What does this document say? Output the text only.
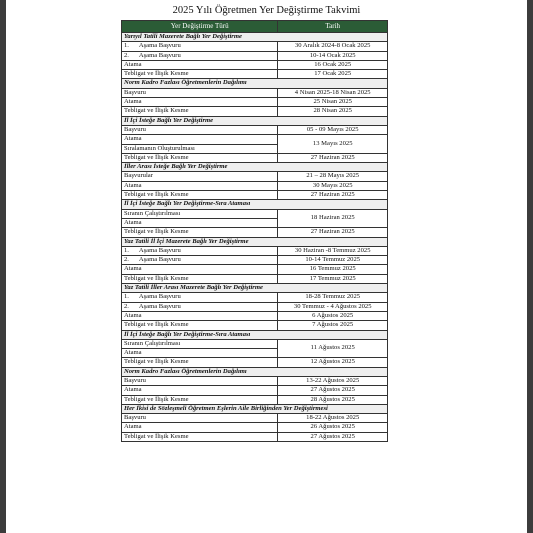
2025 Yılı Öğretmen Yer Değiştirme Takvimi
Yer Değiştirme Türü	Tarih
Yarıyıl Tatili Mazerete Bağlı Yer Değiştirme	
1.      Aşama Başvuru	30 Aralık 2024-8 Ocak 2025
2.      Aşama Başvuru	10-14 Ocak 2025
Atama	16 Ocak 2025
Tebligat ve İlişik Kesme	17 Ocak 2025
Norm Kadro Fazlası Öğretmenlerin Dağılımı	
Başvuru	4 Nisan 2025-18 Nisan 2025
Atama	25 Nisan 2025
Tebligat ve İlişik Kesme	28 Nisan 2025
İl İçi İsteğe Bağlı Yer Değiştirme	
Başvuru	05 - 09 Mayıs 2025
Atama	13 Mayıs 2025
Sıralamanın Oluşturulması	
Tebligat ve İlişik Kesme	27 Haziran 2025
İller Arası İsteğe Bağlı Yer Değiştirme	
Başvurular	21 – 28 Mayıs 2025
Atama	30 Mayıs 2025
Tebligat ve İlişik Kesme	27 Haziran 2025
İl İçi İsteğe Bağlı Yer Değiştirme-Sıra Ataması	
Sıranın Çalıştırılması	18 Haziran 2025
Atama	
Tebligat ve İlişik Kesme	27 Haziran 2025
Yaz Tatili İl İçi Mazerete Bağlı Yer Değiştirme	
1.      Aşama Başvuru	30 Haziran -8 Temmuz 2025
2.      Aşama Başvuru	10-14 Temmuz 2025
Atama	16 Temmuz 2025
Tebligat ve İlişik Kesme	17 Temmuz 2025
Yaz Tatili İller Arası Mazerete Bağlı Yer Değiştirme	
1.      Aşama Başvuru	18-28 Temmuz 2025
2.      Aşama Başvuru	30 Temmuz - 4 Ağustos 2025
Atama	6 Ağustos 2025
Tebligat ve İlişik Kesme	7 Ağustos 2025
İl İçi İsteğe Bağlı Yer Değiştirme-Sıra Ataması	
Sıranın Çalıştırılması	11 Ağustos 2025
Atama	
Tebligat ve İlişik Kesme	12 Ağustos 2025
Norm Kadro Fazlası Öğretmenlerin Dağılımı	
Başvuru	13-22 Ağustos 2025
Atama	27 Ağustos 2025
Tebligat ve İlişik Kesme	28 Ağustos 2025
Her İkisi de Sözleşmeli Öğretmen Eşlerin Aile Birliğinden Yer Değiştirmesi	
Başvuru	18-22 Ağustos 2025
Atama	26 Ağustos 2025
Tebligat ve İlişik Kesme	27 Ağustos 2025
